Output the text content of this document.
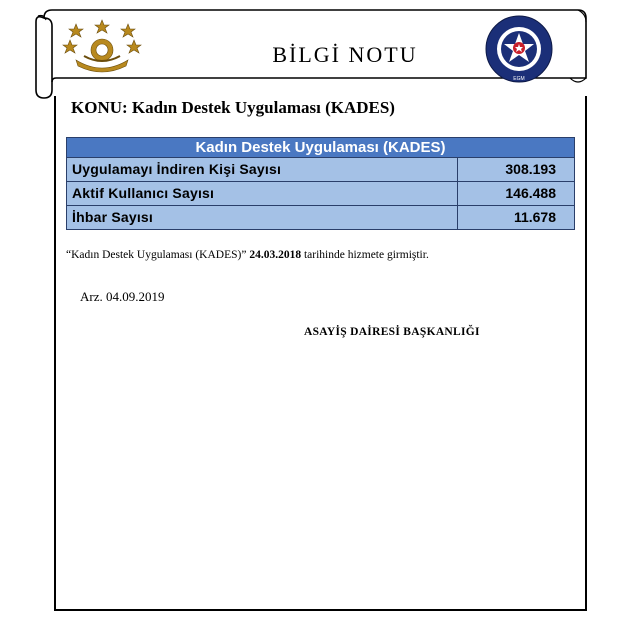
BİLGİ NOTU
EGM
KONU: Kadın Destek Uygulaması (KADES)
Kadın Destek Uygulaması (KADES)
Uygulamayı İndiren Kişi Sayısı	308.193
Aktif Kullanıcı Sayısı	146.488
İhbar Sayısı	11.678
“Kadın Destek Uygulaması (KADES)” 24.03.2018 tarihinde hizmete girmiştir.
Arz. 04.09.2019
ASAYİŞ DAİRESİ BAŞKANLIĞI
